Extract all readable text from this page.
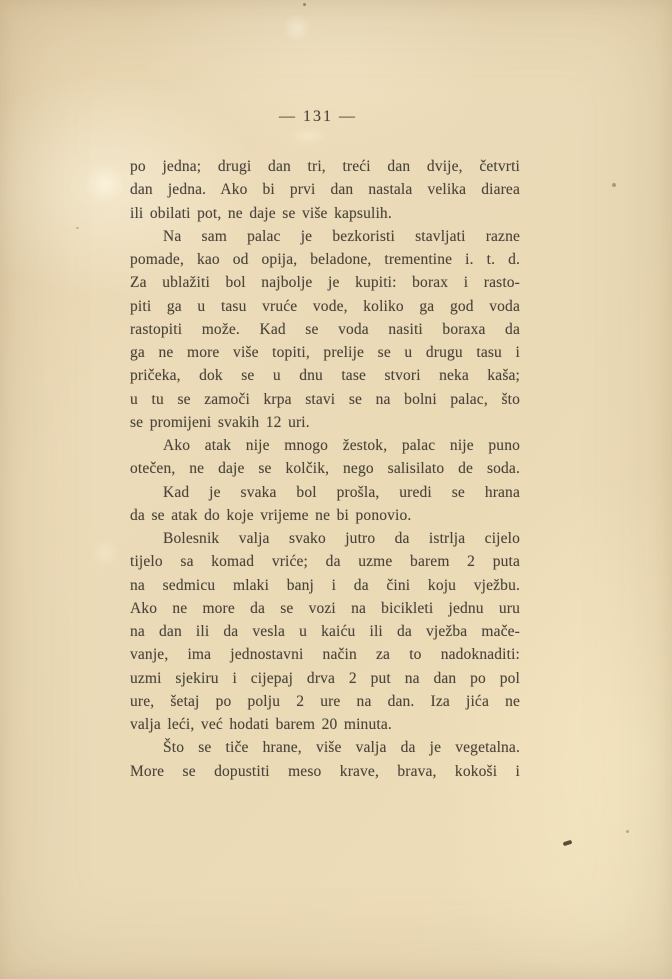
— 131 —
po jedna; drugi dan tri, treći dan dvije, četvrti
dan jedna. Ako bi prvi dan nastala velika diarea
ili obilati pot, ne daje se više kapsulih.
Na sam palac je bezkoristi stavljati razne
pomade, kao od opija, beladone, trementine i. t. d.
Za ublažiti bol najbolje je kupiti: borax i rasto-
piti ga u tasu vruće vode, koliko ga god voda
rastopiti može. Kad se voda nasiti boraxa da
ga ne more više topiti, prelije se u drugu tasu i
pričeka, dok se u dnu tase stvori neka kaša;
u tu se zamoči krpa stavi se na bolni palac, što
se promijeni svakih 12 uri.
Ako atak nije mnogo žestok, palac nije puno
otečen, ne daje se kolčik, nego salisilato de soda.
Kad je svaka bol prošla, uredi se hrana
da se atak do koje vrijeme ne bi ponovio.
Bolesnik valja svako jutro da istrlja cijelo
tijelo sa komad vriće; da uzme barem 2 puta
na sedmicu mlaki banj i da čini koju vježbu.
Ako ne more da se vozi na bicikleti jednu uru
na dan ili da vesla u kaiću ili da vježba mače-
vanje, ima jednostavni način za to nadoknaditi:
uzmi sjekiru i cijepaj drva 2 put na dan po pol
ure, šetaj po polju 2 ure na dan. Iza jića ne
valja leći, već hodati barem 20 minuta.
Što se tiče hrane, više valja da je vegetalna.
More se dopustiti meso krave, brava, kokoši i
